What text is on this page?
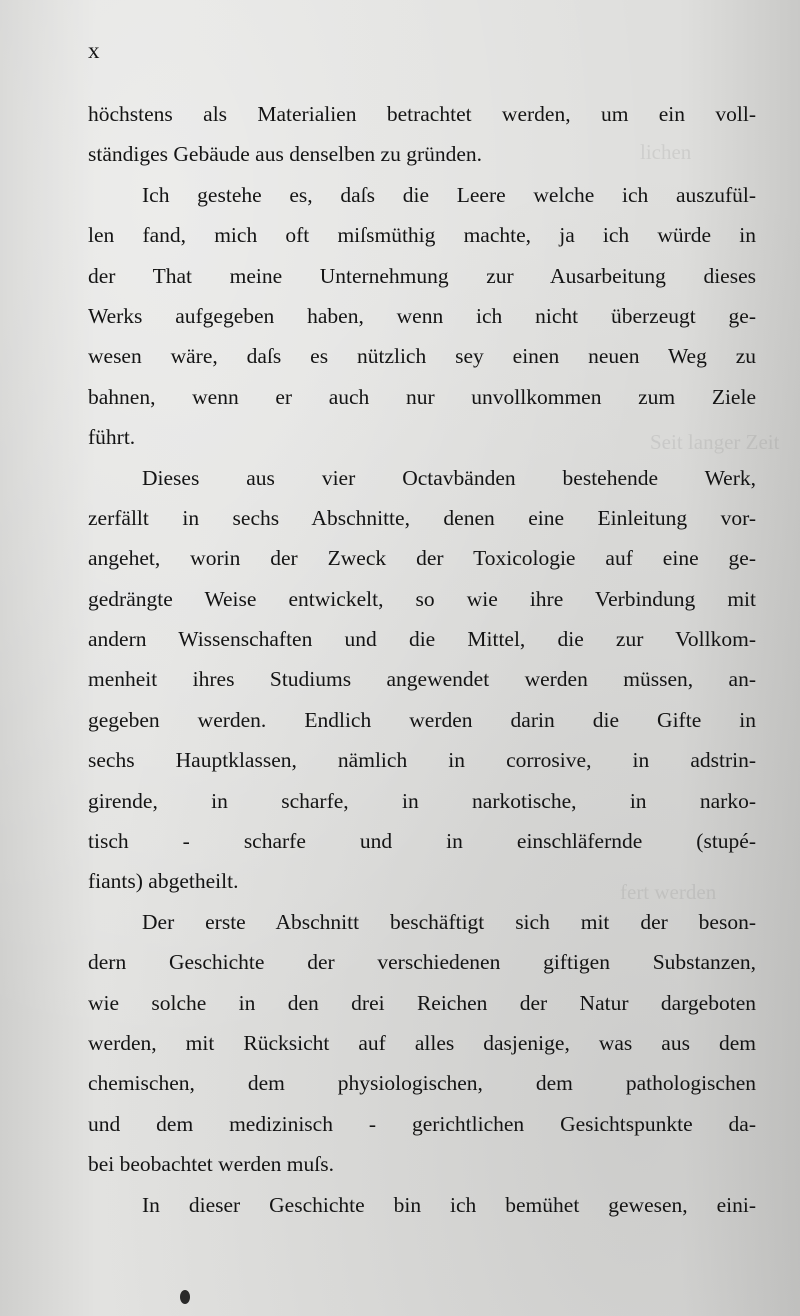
lichen
Seit langer Zeit
fert werden
x
höchstens als Materialien betrachtet werden, um ein voll-
ständiges Gebäude aus denselben zu gründen.
Ich gestehe es, daſs die Leere welche ich auszufül-
len fand, mich oft miſsmüthig machte, ja ich würde in
der That meine Unternehmung zur Ausarbeitung dieses
Werks aufgegeben haben, wenn ich nicht überzeugt ge-
wesen wäre, daſs es nützlich sey einen neuen Weg zu
bahnen, wenn er auch nur unvollkommen zum Ziele
führt.
Dieses aus vier Octavbänden bestehende Werk,
zerfällt in sechs Abschnitte, denen eine Einleitung vor-
angehet, worin der Zweck der Toxicologie auf eine ge-
gedrängte Weise entwickelt, so wie ihre Verbindung mit
andern Wissenschaften und die Mittel, die zur Vollkom-
menheit ihres Studiums angewendet werden müssen, an-
gegeben werden. Endlich werden darin die Gifte in
sechs Hauptklassen, nämlich in corrosive, in adstrin-
girende, in scharfe, in narkotische, in narko-
tisch - scharfe und in einschläfernde (stupé-
fiants) abgetheilt.
Der erste Abschnitt beschäftigt sich mit der beson-
dern Geschichte der verschiedenen giftigen Substanzen,
wie solche in den drei Reichen der Natur dargeboten
werden, mit Rücksicht auf alles dasjenige, was aus dem
chemischen, dem physiologischen, dem pathologischen
und dem medizinisch - gerichtlichen Gesichtspunkte da-
bei beobachtet werden muſs.
In dieser Geschichte bin ich bemühet gewesen, eini-
